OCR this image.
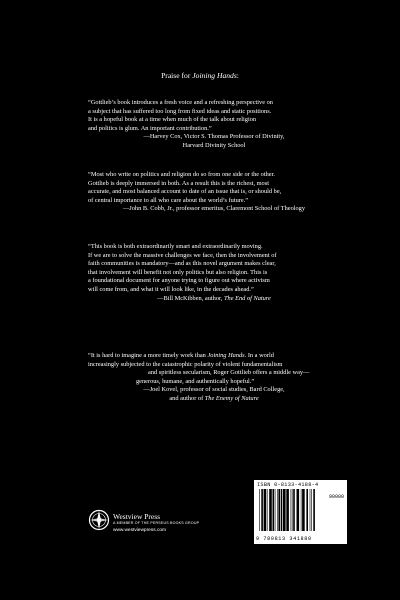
Praise for Joining Hands:

“Gottlieb’s book introduces a fresh voice and a refreshing perspective on

a subject that has suffered too long from fixed ideas and static positions.

It is a hopeful book at a time when much of the talk about religion

and politics is glum. An important contribution.”

—Harvey Cox, Victor S. Thomas Professor of Divinity,

Harvard Divinity School

“Most who write on politics and religion do so from one side or the other.

Gottlieb is deeply immersed in both. As a result this is the richest, most

accurate, and most balanced account to date of an issue that is, or should be,

of central importance to all who care about the world’s future.”

—John B. Cobb, Jr., professor emeritus, Claremont School of Theology

“This book is both extraordinarily smart and extraordinarily moving.

If we are to solve the massive challenges we face, then the involvement of

faith communities is mandatory—and as this novel argument makes clear,

that involvement will benefit not only politics but also religion. This is

a foundational document for anyone trying to figure out where activism

will come from, and what it will look like, in the decades ahead.”

—Bill McKibben, author, The End of Nature

“It is hard to imagine a more timely work than Joining Hands. In a world

increasingly subjected to the catastrophic polarity of violent fundamentalism

and spiritless secularism, Roger Gottlieb offers a middle way—

generous, humane, and authentically hopeful.”

—Joel Kovel, professor of social studies, Bard College,

and author of The Enemy of Nature

Westview Press
A MEMBER OF THE PERSEUS BOOKS GROUP
www.westviewpress.com
ISBN 0-8133-4188-4
90000
9 780813 341880
